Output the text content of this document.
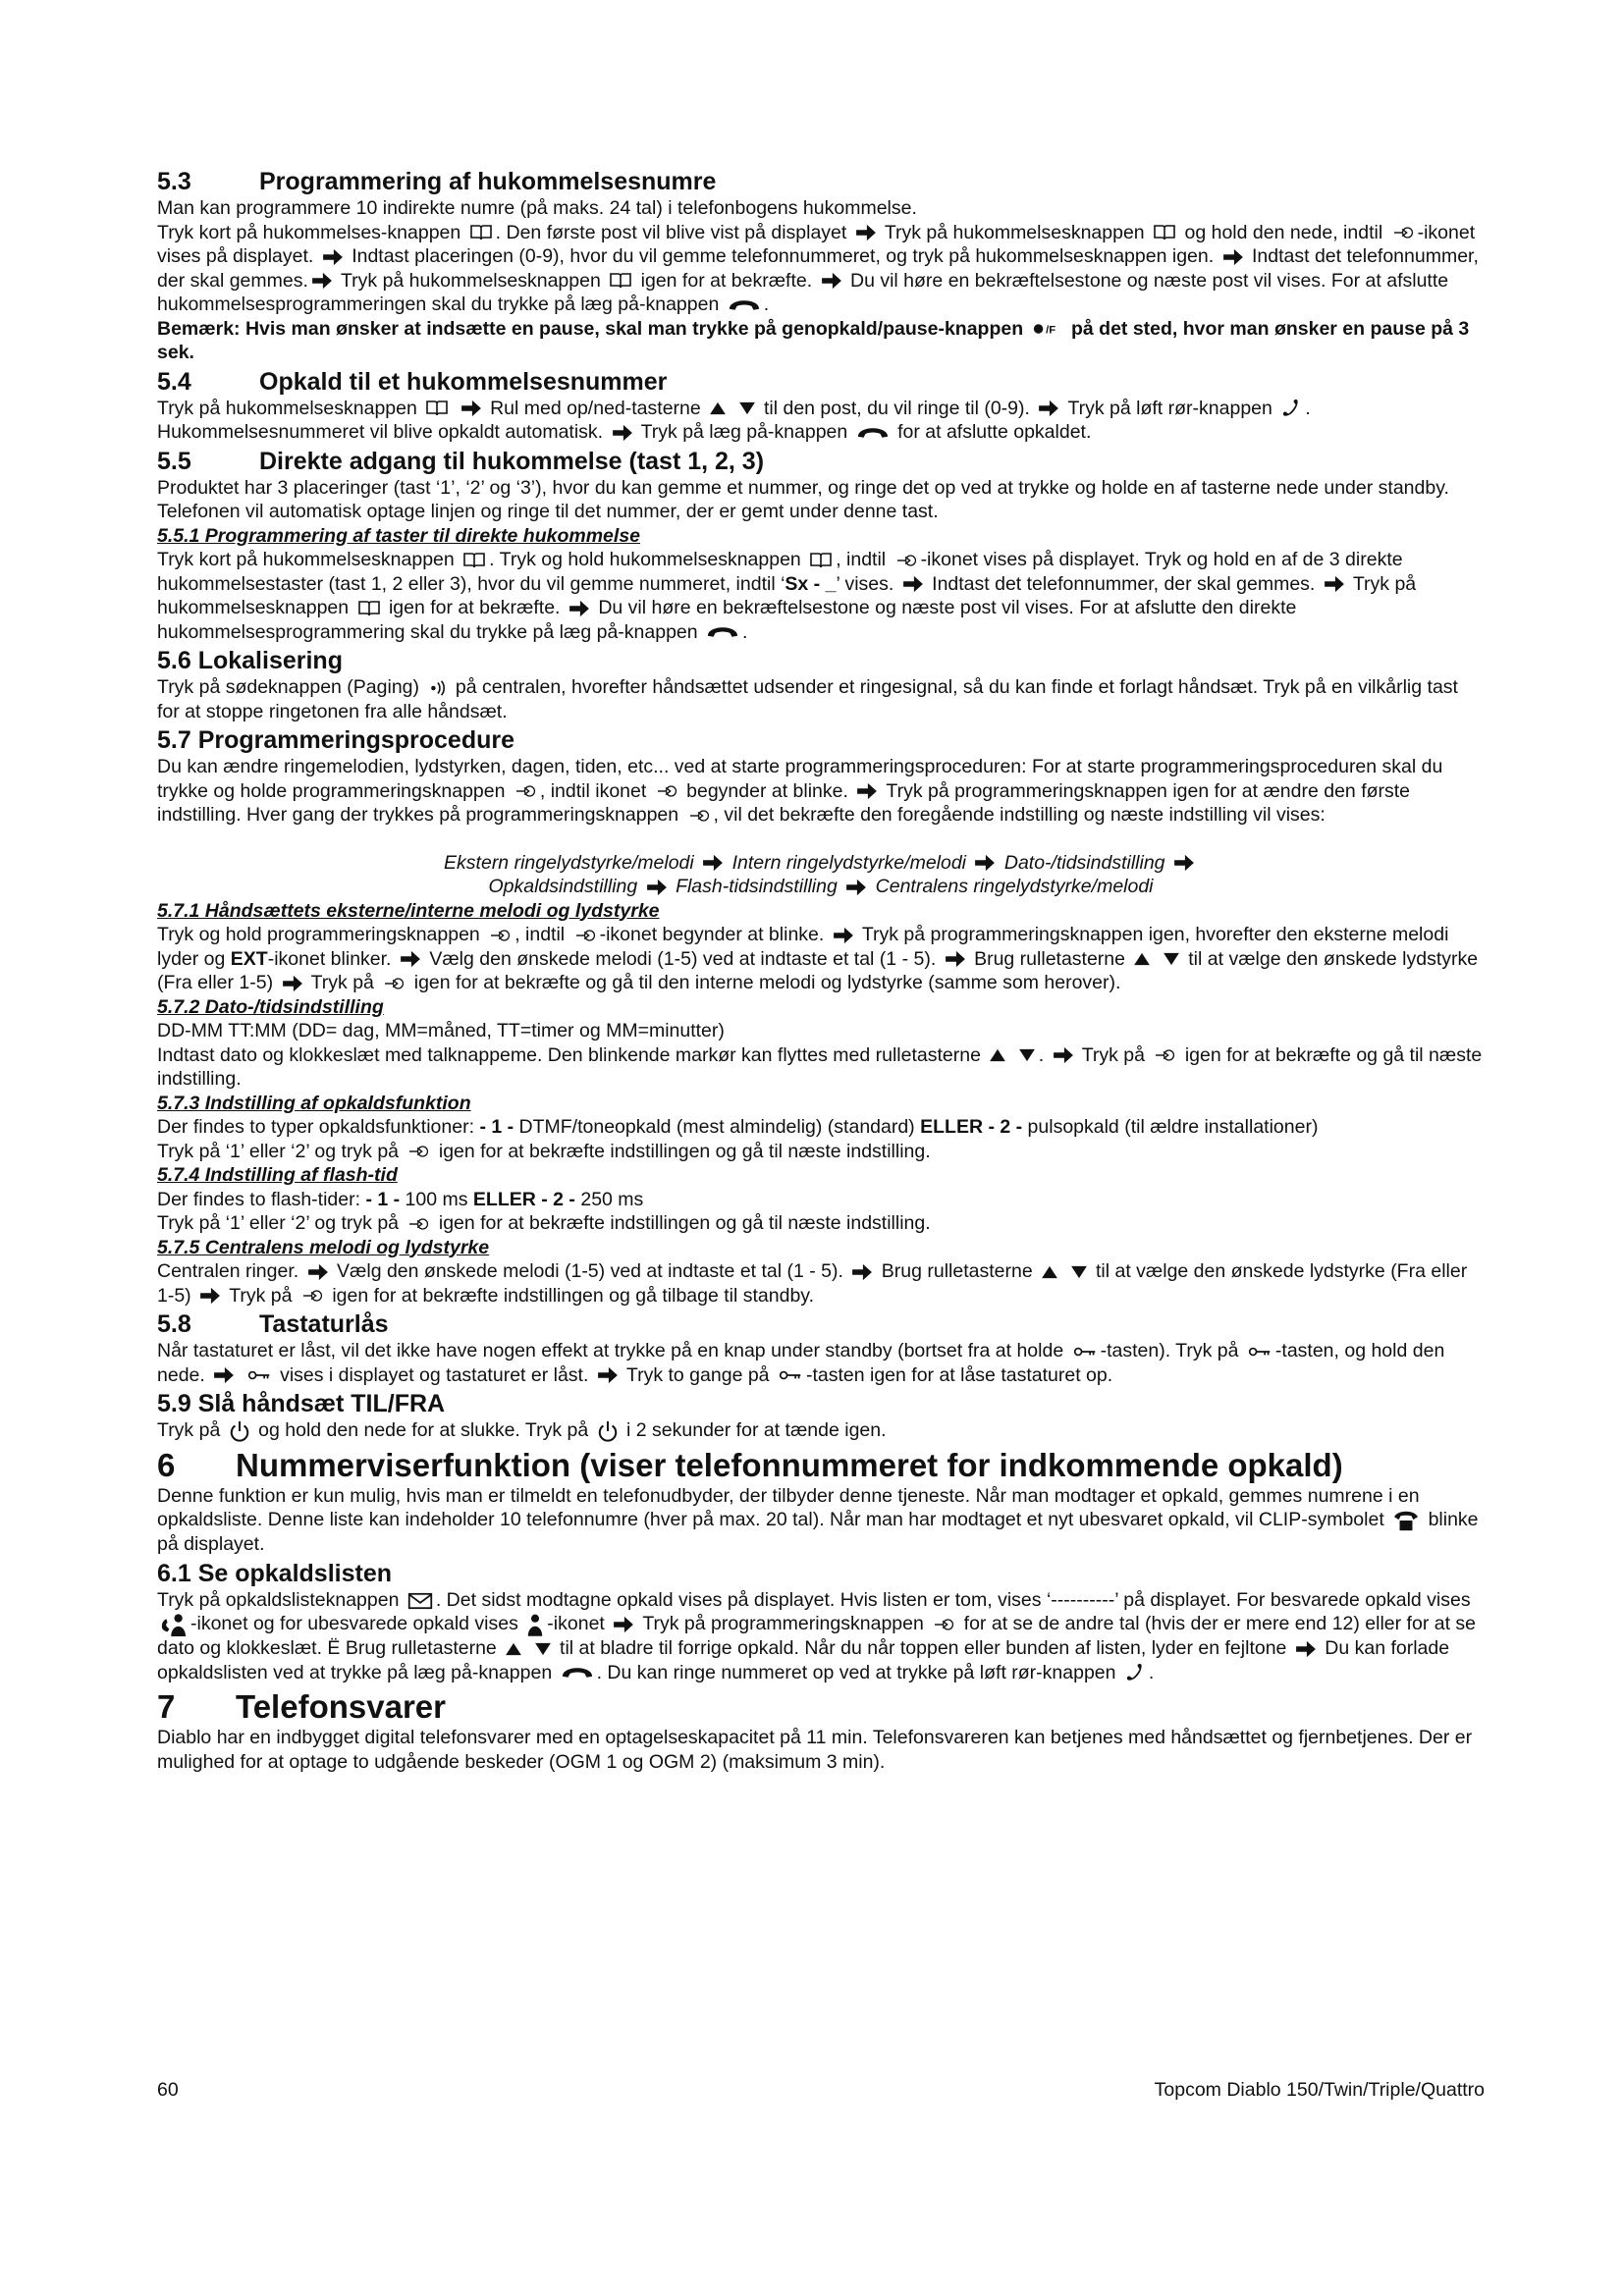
5.3	Programmering af hukommelsesnumre

Man kan programmere 10 indirekte numre (på maks. 24 tal) i telefonbogens hukommelse.

Tryk kort på hukommelses-knappen . Den første post vil blive vist på displayet Tryk på hukommelsesknappen og hold den nede, indtil -ikonet vises på displayet. Indtast placeringen (0-9), hvor du vil gemme telefonnummeret, og tryk på hukommelsesknappen igen. Indtast det telefonnummer, der skal gemmes. Tryk på hukommelsesknappen igen for at bekræfte. Du vil høre en bekræftelsestone og næste post vil vises. For at afslutte hukommelsesprogrammeringen skal du trykke på læg på-knappen .

Bemærk: Hvis man ønsker at indsætte en pause, skal man trykke på genopkald/pause-knappen	på det sted, hvor man ønsker en pause på 3 sek.

5.4	Opkald til et hukommelsesnummer

Tryk på hukommelsesknappen	Rul med op/ned-tasterne	til den post, du vil ringe til (0-9). Tryk på løft rør-knappen . Hukommelsesnummeret vil blive opkaldt automatisk. Tryk på læg på-knappen	for at afslutte opkaldet.

5.5	Direkte adgang til hukommelse (tast 1, 2, 3)

Produktet har 3 placeringer (tast ‘1’, ‘2’ og ‘3’), hvor du kan gemme et nummer, og ringe det op ved at trykke og holde en af tasterne nede under standby. Telefonen vil automatisk optage linjen og ringe til det nummer, der er gemt under denne tast.

5.5.1 Programmering af taster til direkte hukommelse

Tryk kort på hukommelsesknappen . Tryk og hold hukommelsesknappen , indtil -ikonet vises på displayet. Tryk og hold en af de 3 direkte hukommelsestaster (tast 1, 2 eller 3), hvor du vil gemme nummeret, indtil ‘Sx - _’ vises. Indtast det telefonnummer, der skal gemmes. Tryk på hukommelsesknappen igen for at bekræfte. Du vil høre en bekræftelsestone og næste post vil vises. For at afslutte den direkte hukommelsesprogrammering skal du trykke på læg på-knappen .

5.6 Lokalisering

Tryk på sødeknappen (Paging) på centralen, hvorefter håndsættet udsender et ringesignal, så du kan finde et forlagt håndsæt. Tryk på en vilkårlig tast for at stoppe ringetonen fra alle håndsæt.

5.7 Programmeringsprocedure

Du kan ændre ringemelodien, lydstyrken, dagen, tiden, etc... ved at starte programmeringsproceduren: For at starte programmeringsproceduren skal du trykke og holde programmeringsknappen , indtil ikonet begynder at blinke. Tryk på programmeringsknappen igen for at ændre den første indstilling. Hver gang der trykkes på programmeringsknappen , vil det bekræfte den foregående indstilling og næste indstilling vil vises:

Ekstern ringelydstyrke/melodi Intern ringelydstyrke/melodi Dato-/tidsindstilling

Opkaldsindstilling Flash-tidsindstilling Centralens ringelydstyrke/melodi

5.7.1 Håndsættets eksterne/interne melodi og lydstyrke

Tryk og hold programmeringsknappen , indtil -ikonet begynder at blinke. Tryk på programmeringsknappen igen, hvorefter den eksterne melodi lyder og EXT-ikonet blinker. Vælg den ønskede melodi (1-5) ved at indtaste et tal (1 - 5). Brug rulletasterne	til at vælge den ønskede lydstyrke (Fra eller 1-5) Tryk på igen for at bekræfte og gå til den interne melodi og lydstyrke (samme som herover).

5.7.2 Dato-/tidsindstilling

DD-MM TT:MM (DD= dag, MM=måned, TT=timer og MM=minutter)

Indtast dato og klokkeslæt med talknappeme. Den blinkende markør kan flyttes med rulletasterne	. Tryk på igen for at bekræfte og gå til næste indstilling.

5.7.3 Indstilling af opkaldsfunktion

Der findes to typer opkaldsfunktioner: - 1 - DTMF/toneopkald (mest almindelig) (standard) ELLER - 2 - pulsopkald (til ældre installationer)

Tryk på ‘1’ eller ‘2’ og tryk på igen for at bekræfte indstillingen og gå til næste indstilling.

5.7.4 Indstilling af flash-tid

Der findes to flash-tider: - 1 - 100 ms ELLER - 2 - 250 ms

Tryk på ‘1’ eller ‘2’ og tryk på igen for at bekræfte indstillingen og gå til næste indstilling.

5.7.5 Centralens melodi og lydstyrke

Centralen ringer. Vælg den ønskede melodi (1-5) ved at indtaste et tal (1 - 5). Brug rulletasterne	til at vælge den ønskede lydstyrke (Fra eller 1-5) Tryk på igen for at bekræfte indstillingen og gå tilbage til standby.

5.8	Tastaturlås

Når tastaturet er låst, vil det ikke have nogen effekt at trykke på en knap under standby (bortset fra at holde -tasten). Tryk på -tasten, og hold den nede.	vises i displayet og tastaturet er låst. Tryk to gange på -tasten igen for at låse tastaturet op.

5.9 Slå håndsæt TIL/FRA

Tryk på og hold den nede for at slukke. Tryk på i 2 sekunder for at tænde igen.

6	Nummerviserfunktion (viser telefonnummeret for indkommende opkald)

Denne funktion er kun mulig, hvis man er tilmeldt en telefonudbyder, der tilbyder denne tjeneste. Når man modtager et opkald, gemmes numrene i en opkaldsliste. Denne liste kan indeholder 10 telefonnumre (hver på max. 20 tal). Når man har modtaget et nyt ubesvaret opkald, vil CLIP-symbolet blinke på displayet.

6.1 Se opkaldslisten

Tryk på opkaldslisteknappen . Det sidst modtagne opkald vises på displayet. Hvis listen er tom, vises ‘----------’ på displayet. For besvarede opkald vises -ikonet og for ubesvarede opkald vises -ikonet Tryk på programmeringsknappen for at se de andre tal (hvis der er mere end 12) eller for at se dato og klokkeslæt. Ë Brug rulletasterne	til at bladre til forrige opkald. Når du når toppen eller bunden af listen, lyder en fejltone Du kan forlade opkaldslisten ved at trykke på læg på-knappen . Du kan ringe nummeret op ved at trykke på løft rør-knappen .

7	Telefonsvarer

Diablo har en indbygget digital telefonsvarer med en optagelseskapacitet på 11 min. Telefonsvareren kan betjenes med håndsættet og fjernbetjenes. Der er mulighed for at optage to udgående beskeder (OGM 1 og OGM 2) (maksimum 3 min).

60	Topcom Diablo 150/Twin/Triple/Quattro
